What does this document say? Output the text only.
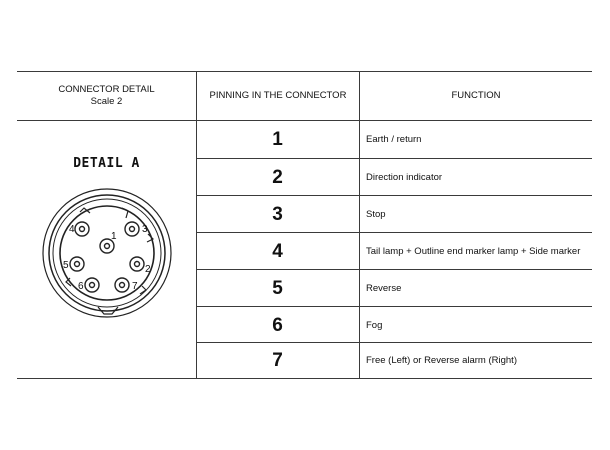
CONNECTOR DETAIL
Scale 2
PINNING IN THE CONNECTOR	FUNCTION
DETAIL A
1
2
3
4
5
6	7
1	Earth / return
2	Direction indicator
3	Stop
4	Tail lamp + Outline end marker lamp + Side marker
5	Reverse
6	Fog
7	Free (Left) or Reverse alarm (Right)
